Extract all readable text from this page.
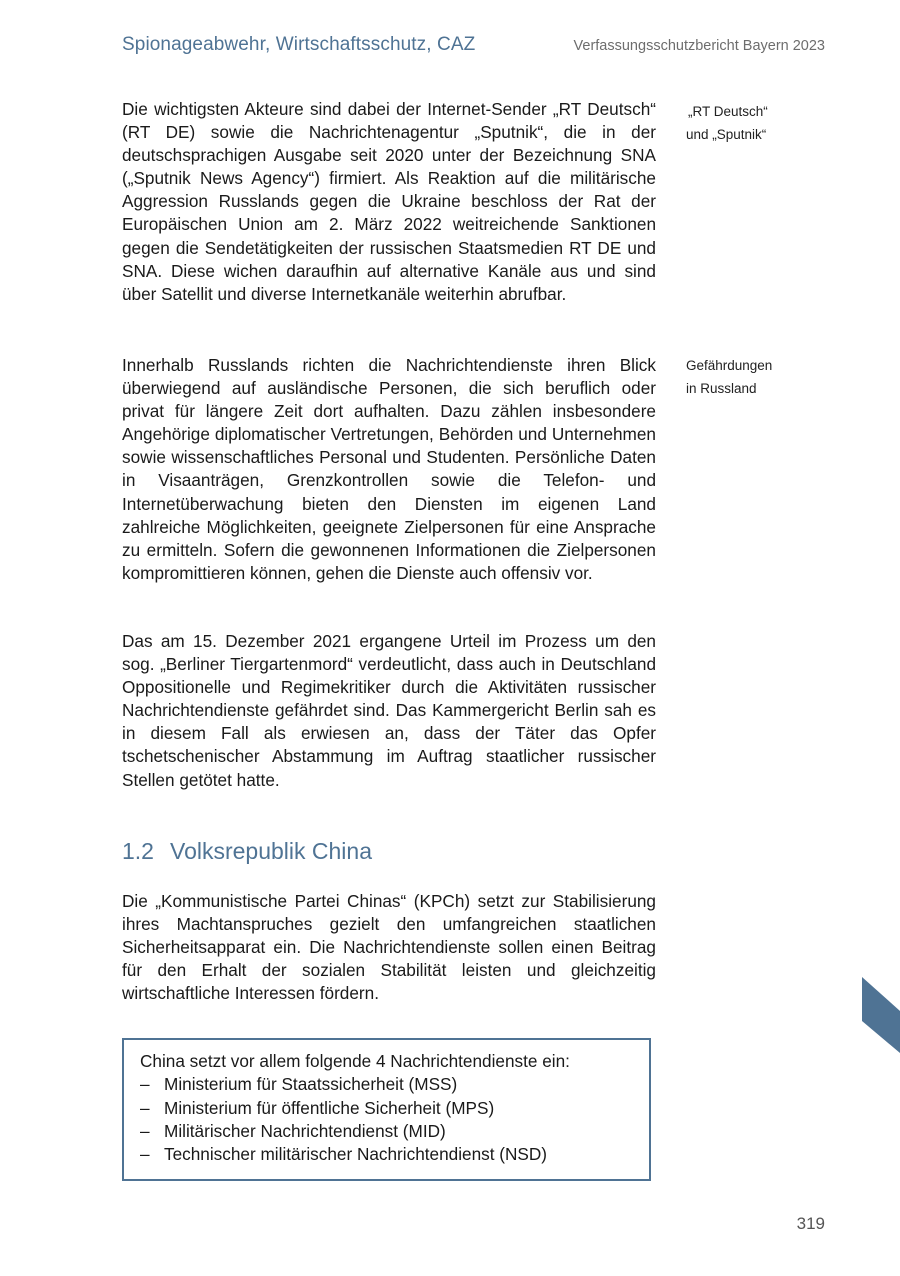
Spionageabwehr, Wirtschaftsschutz, CAZ	Verfassungsschutzbericht Bayern 2023

Die wichtigsten Akteure sind dabei der Internet-Sender „RT Deutsch“ (RT DE) sowie die Nachrichtenagentur „Sputnik“, die in der deutschsprachigen Ausgabe seit 2020 unter der Bezeichnung SNA („Sputnik News Agency“) firmiert. Als Reaktion auf die militärische Aggression Russlands gegen die Ukraine beschloss der Rat der Europäischen Union am 2. März 2022 weitreichende Sanktionen gegen die Sendetätigkeiten der russischen Staatsmedien RT DE und SNA. Diese wichen daraufhin auf alternative Kanäle aus und sind über Satellit und diverse Internetkanäle weiterhin abrufbar.

„RT Deutsch“
und „Sputnik“

Innerhalb Russlands richten die Nachrichtendienste ihren Blick überwiegend auf ausländische Personen, die sich beruflich oder privat für längere Zeit dort aufhalten. Dazu zählen insbesondere Angehörige diplomatischer Vertretungen, Behörden und Unternehmen sowie wissenschaftliches Personal und Studenten. Persönliche Daten in Visaanträgen, Grenzkontrollen sowie die Telefon- und Internetüberwachung bieten den Diensten im eigenen Land zahlreiche Möglichkeiten, geeignete Zielpersonen für eine Ansprache zu ermitteln. Sofern die gewonnenen Informationen die Zielpersonen kompromittieren können, gehen die Dienste auch offensiv vor.

Gefährdungen
in Russland

Das am 15. Dezember 2021 ergangene Urteil im Prozess um den sog. „Berliner Tiergartenmord“ verdeutlicht, dass auch in Deutschland Oppositionelle und Regimekritiker durch die Aktivitäten russischer Nachrichtendienste gefährdet sind. Das Kammergericht Berlin sah es in diesem Fall als erwiesen an, dass der Täter das Opfer tschetschenischer Abstammung im Auftrag staatlicher russischer Stellen getötet hatte.

1.2 Volksrepublik China

Die „Kommunistische Partei Chinas“ (KPCh) setzt zur Stabilisierung ihres Machtanspruches gezielt den umfangreichen staatlichen Sicherheitsapparat ein. Die Nachrichtendienste sollen einen Beitrag für den Erhalt der sozialen Stabilität leisten und gleichzeitig wirtschaftliche Interessen fördern.

China setzt vor allem folgende 4 Nachrichtendienste ein:
– Ministerium für Staatssicherheit (MSS)
– Ministerium für öffentliche Sicherheit (MPS)
– Militärischer Nachrichtendienst (MID)
– Technischer militärischer Nachrichtendienst (NSD)
319
